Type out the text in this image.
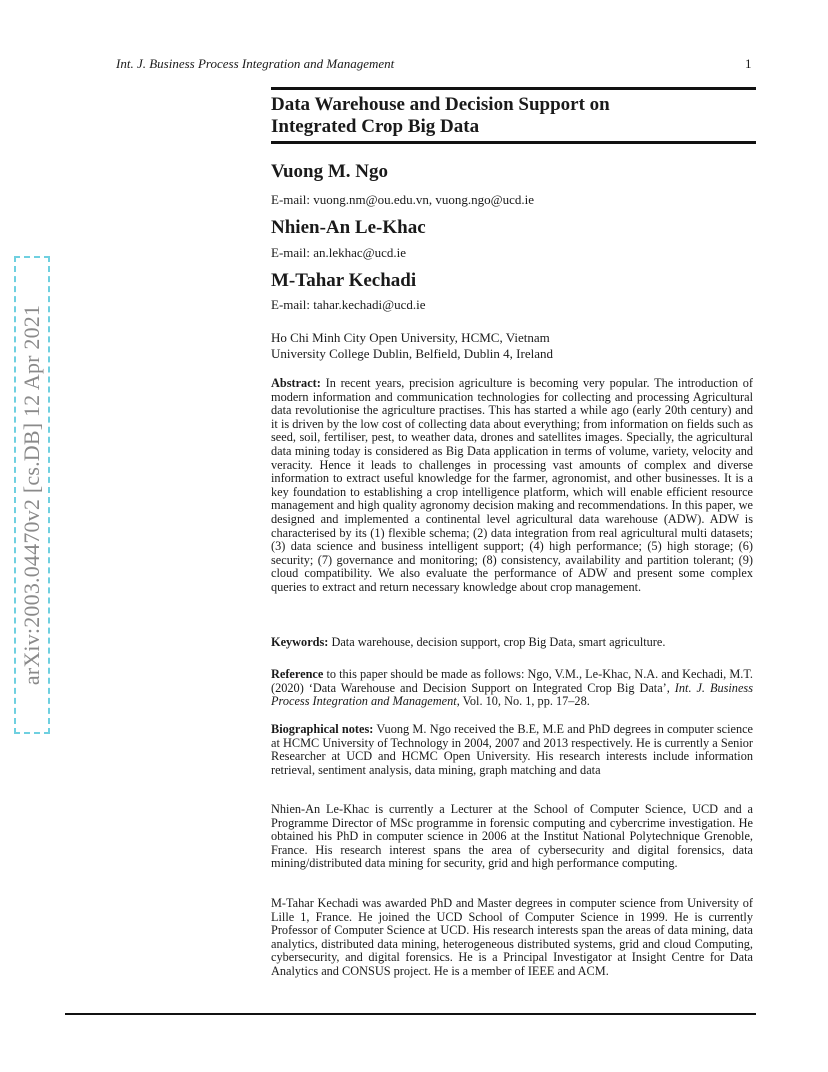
Int. J. Business Process Integration and Management	1
Data Warehouse and Decision Support on
Integrated Crop Big Data
Vuong M. Ngo
E-mail: vuong.nm@ou.edu.vn, vuong.ngo@ucd.ie
Nhien-An Le-Khac
E-mail: an.lekhac@ucd.ie
M-Tahar Kechadi
E-mail: tahar.kechadi@ucd.ie
Ho Chi Minh City Open University, HCMC, Vietnam
University College Dublin, Belfield, Dublin 4, Ireland
Abstract: In recent years, precision agriculture is becoming very popular. The introduction of modern information and communication technologies for collecting and processing Agricultural data revolutionise the agriculture practises. This has started a while ago (early 20th century) and it is driven by the low cost of collecting data about everything; from information on fields such as seed, soil, fertiliser, pest, to weather data, drones and satellites images. Specially, the agricultural data mining today is considered as Big Data application in terms of volume, variety, velocity and veracity. Hence it leads to challenges in processing vast amounts of complex and diverse information to extract useful knowledge for the farmer, agronomist, and other businesses. It is a key foundation to establishing a crop intelligence platform, which will enable efficient resource management and high quality agronomy decision making and recommendations. In this paper, we designed and implemented a continental level agricultural data warehouse (ADW). ADW is characterised by its (1) flexible schema; (2) data integration from real agricultural multi datasets; (3) data science and business intelligent support; (4) high performance; (5) high storage; (6) security; (7) governance and monitoring; (8) consistency, availability and partition tolerant; (9) cloud compatibility. We also evaluate the performance of ADW and present some complex queries to extract and return necessary knowledge about crop management.
Keywords: Data warehouse, decision support, crop Big Data, smart agriculture.
Reference to this paper should be made as follows: Ngo, V.M., Le-Khac, N.A. and Kechadi, M.T. (2020) ‘Data Warehouse and Decision Support on Integrated Crop Big Data’, Int. J. Business Process Integration and Management, Vol. 10, No. 1, pp. 17–28.
Biographical notes: Vuong M. Ngo received the B.E, M.E and PhD degrees in computer science at HCMC University of Technology in 2004, 2007 and 2013 respectively. He is currently a Senior Researcher at UCD and HCMC Open University. His research interests include information retrieval, sentiment analysis, data mining, graph matching and data
Nhien-An Le-Khac is currently a Lecturer at the School of Computer Science, UCD and a Programme Director of MSc programme in forensic computing and cybercrime investigation. He obtained his PhD in computer science in 2006 at the Institut National Polytechnique Grenoble, France. His research interest spans the area of cybersecurity and digital forensics, data mining/distributed data mining for security, grid and high performance computing.
M-Tahar Kechadi was awarded PhD and Master degrees in computer science from University of Lille 1, France. He joined the UCD School of Computer Science in 1999. He is currently Professor of Computer Science at UCD. His research interests span the areas of data mining, data analytics, distributed data mining, heterogeneous distributed systems, grid and cloud Computing, cybersecurity, and digital forensics. He is a Principal Investigator at Insight Centre for Data Analytics and CONSUS project. He is a member of IEEE and ACM.
arXiv:2003.04470v2 [cs.DB] 12 Apr 2021
